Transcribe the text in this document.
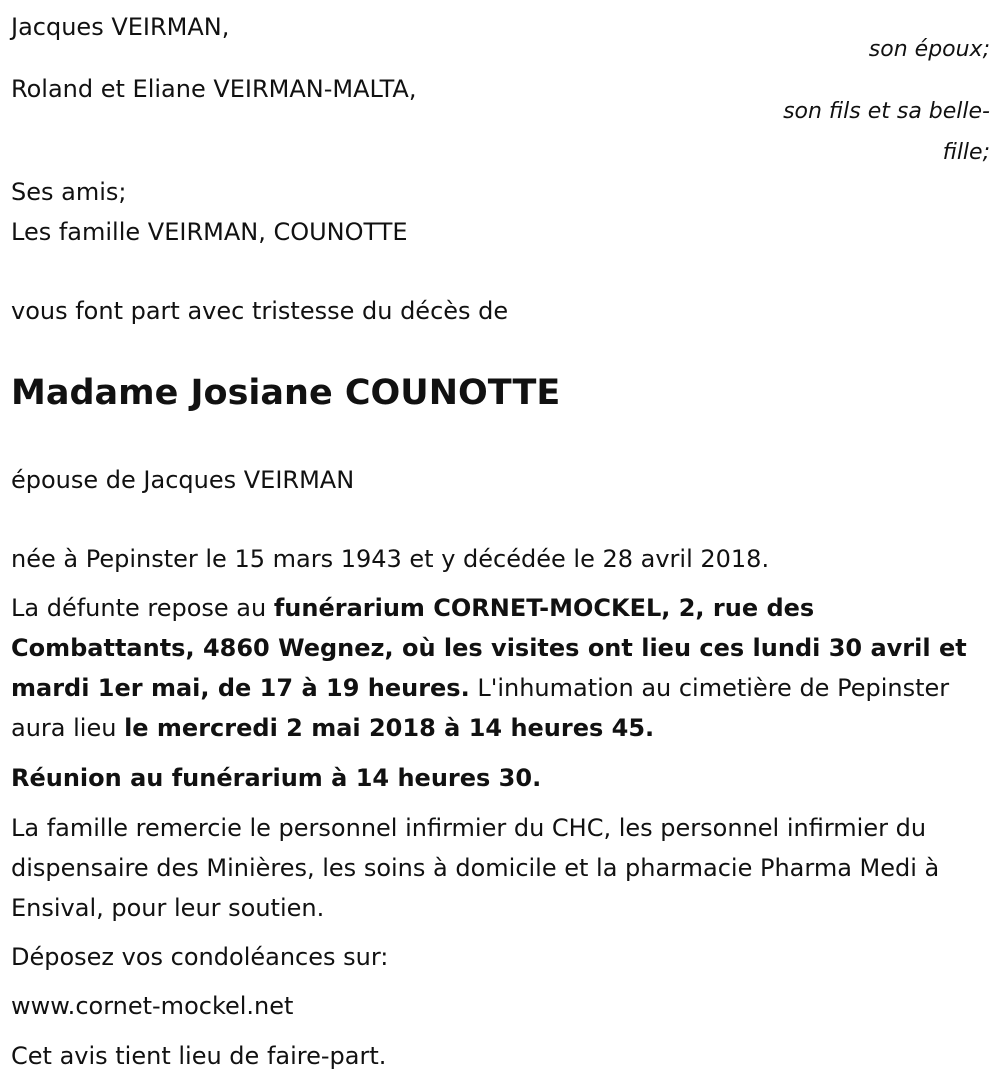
Jacques VEIRMAN,

son époux;

Roland et Eliane VEIRMAN-MALTA,

son fils et sa belle-

fille;

Ses amis;

Les famille VEIRMAN, COUNOTTE

vous font part avec tristesse du décès de

Madame Josiane COUNOTTE

épouse de Jacques VEIRMAN

née à Pepinster le 15 mars 1943 et y décédée le 28 avril 2018.

La défunte repose au funérarium CORNET-MOCKEL, 2, rue des Combattants, 4860 Wegnez, où les visites ont lieu ces lundi 30 avril et mardi 1er mai, de 17 à 19 heures. L'inhumation au cimetière de Pepinster aura lieu le mercredi 2 mai 2018 à 14 heures 45.

Réunion au funérarium à 14 heures 30.

La famille remercie le personnel infirmier du CHC, les personnel infirmier du dispensaire des Minières, les soins à domicile et la pharmacie Pharma Medi à Ensival, pour leur soutien.

Déposez vos condoléances sur:

www.cornet-mockel.net

Cet avis tient lieu de faire-part.
